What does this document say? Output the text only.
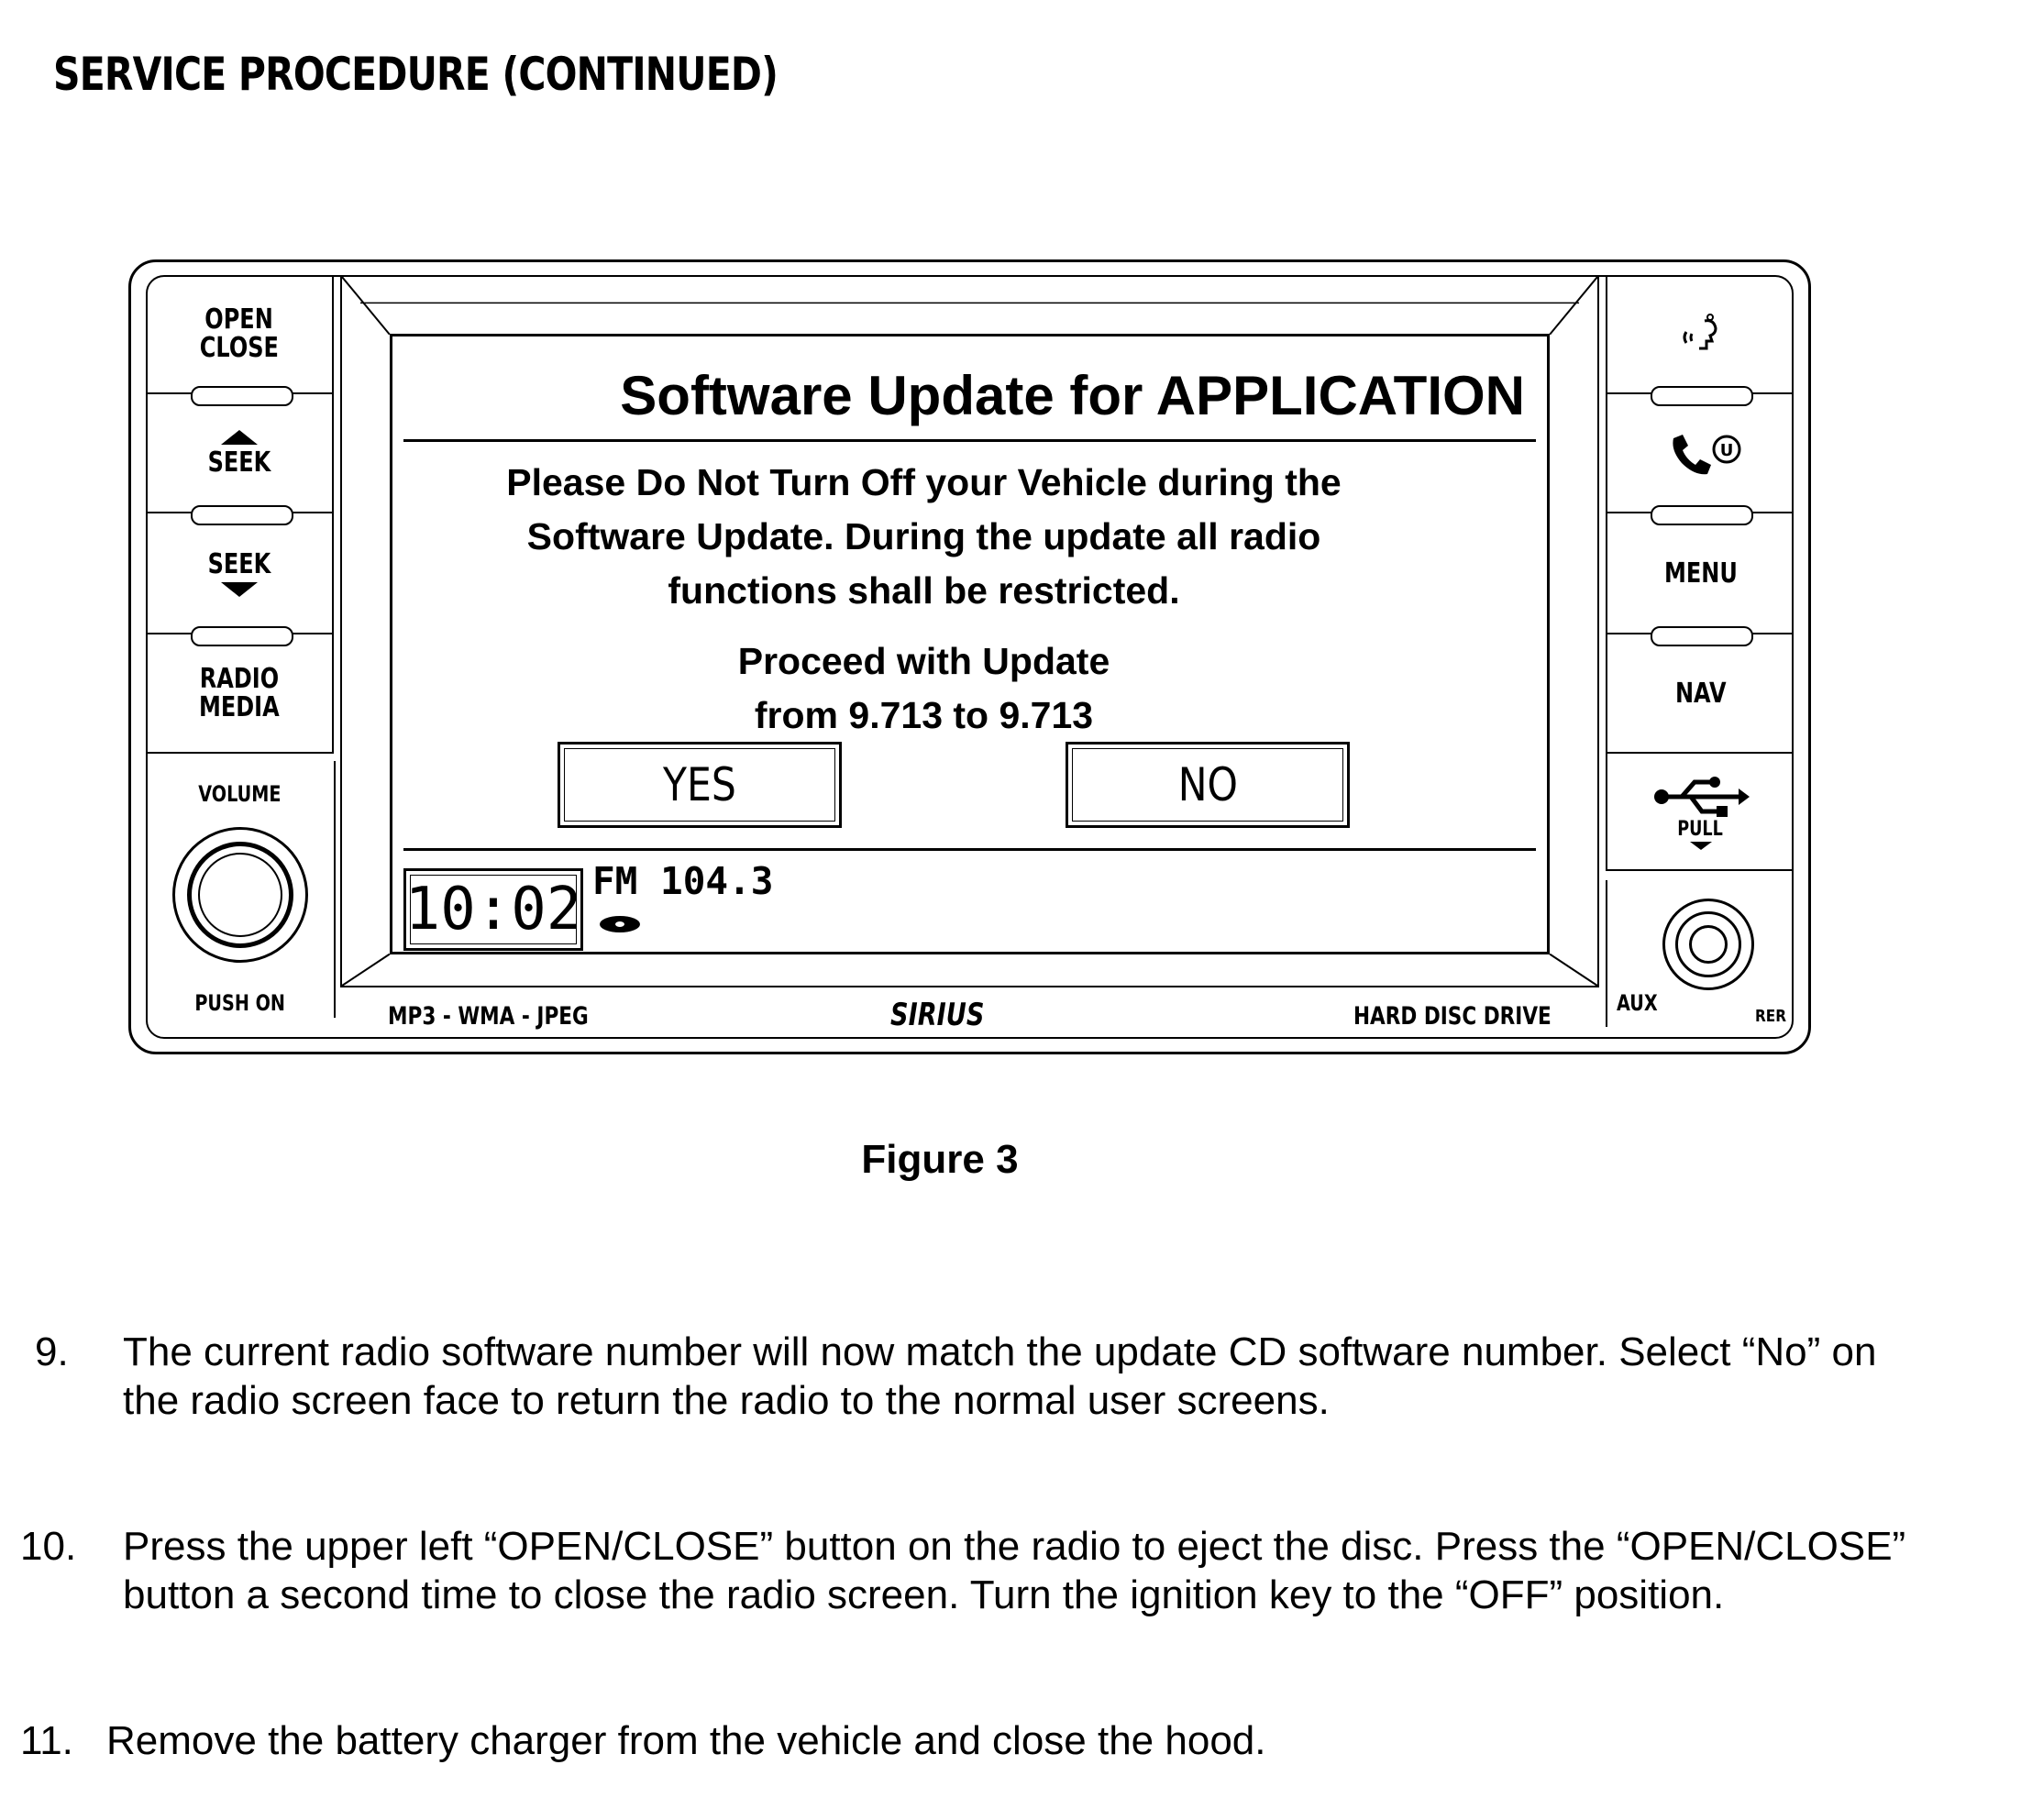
SERVICE PROCEDURE (CONTINUED)
OPEN
CLOSE
SEEK
SEEK
RADIO
MEDIA
VOLUME
PUSH ON
U
MENU
NAV
PULL
AUX
RER
Software Update for APPLICATION
Please Do Not Turn Off your Vehicle during the
Software Update. During the update all radio
functions shall be restricted.
Proceed with Update
from 9.713 to 9.713
YES	NO
10:02 FM 104.3
MP3 - WMA - JPEG	SIRIUS	HARD DISC DRIVE
Figure 3
9. The current radio software number will now match the update CD software number. Select “No” on
the radio screen face to return the radio to the normal user screens.
10. Press the upper left “OPEN/CLOSE” button on the radio to eject the disc. Press the “OPEN/CLOSE”
button a second time to close the radio screen. Turn the ignition key to the “OFF” position.
11. Remove the battery charger from the vehicle and close the hood.
